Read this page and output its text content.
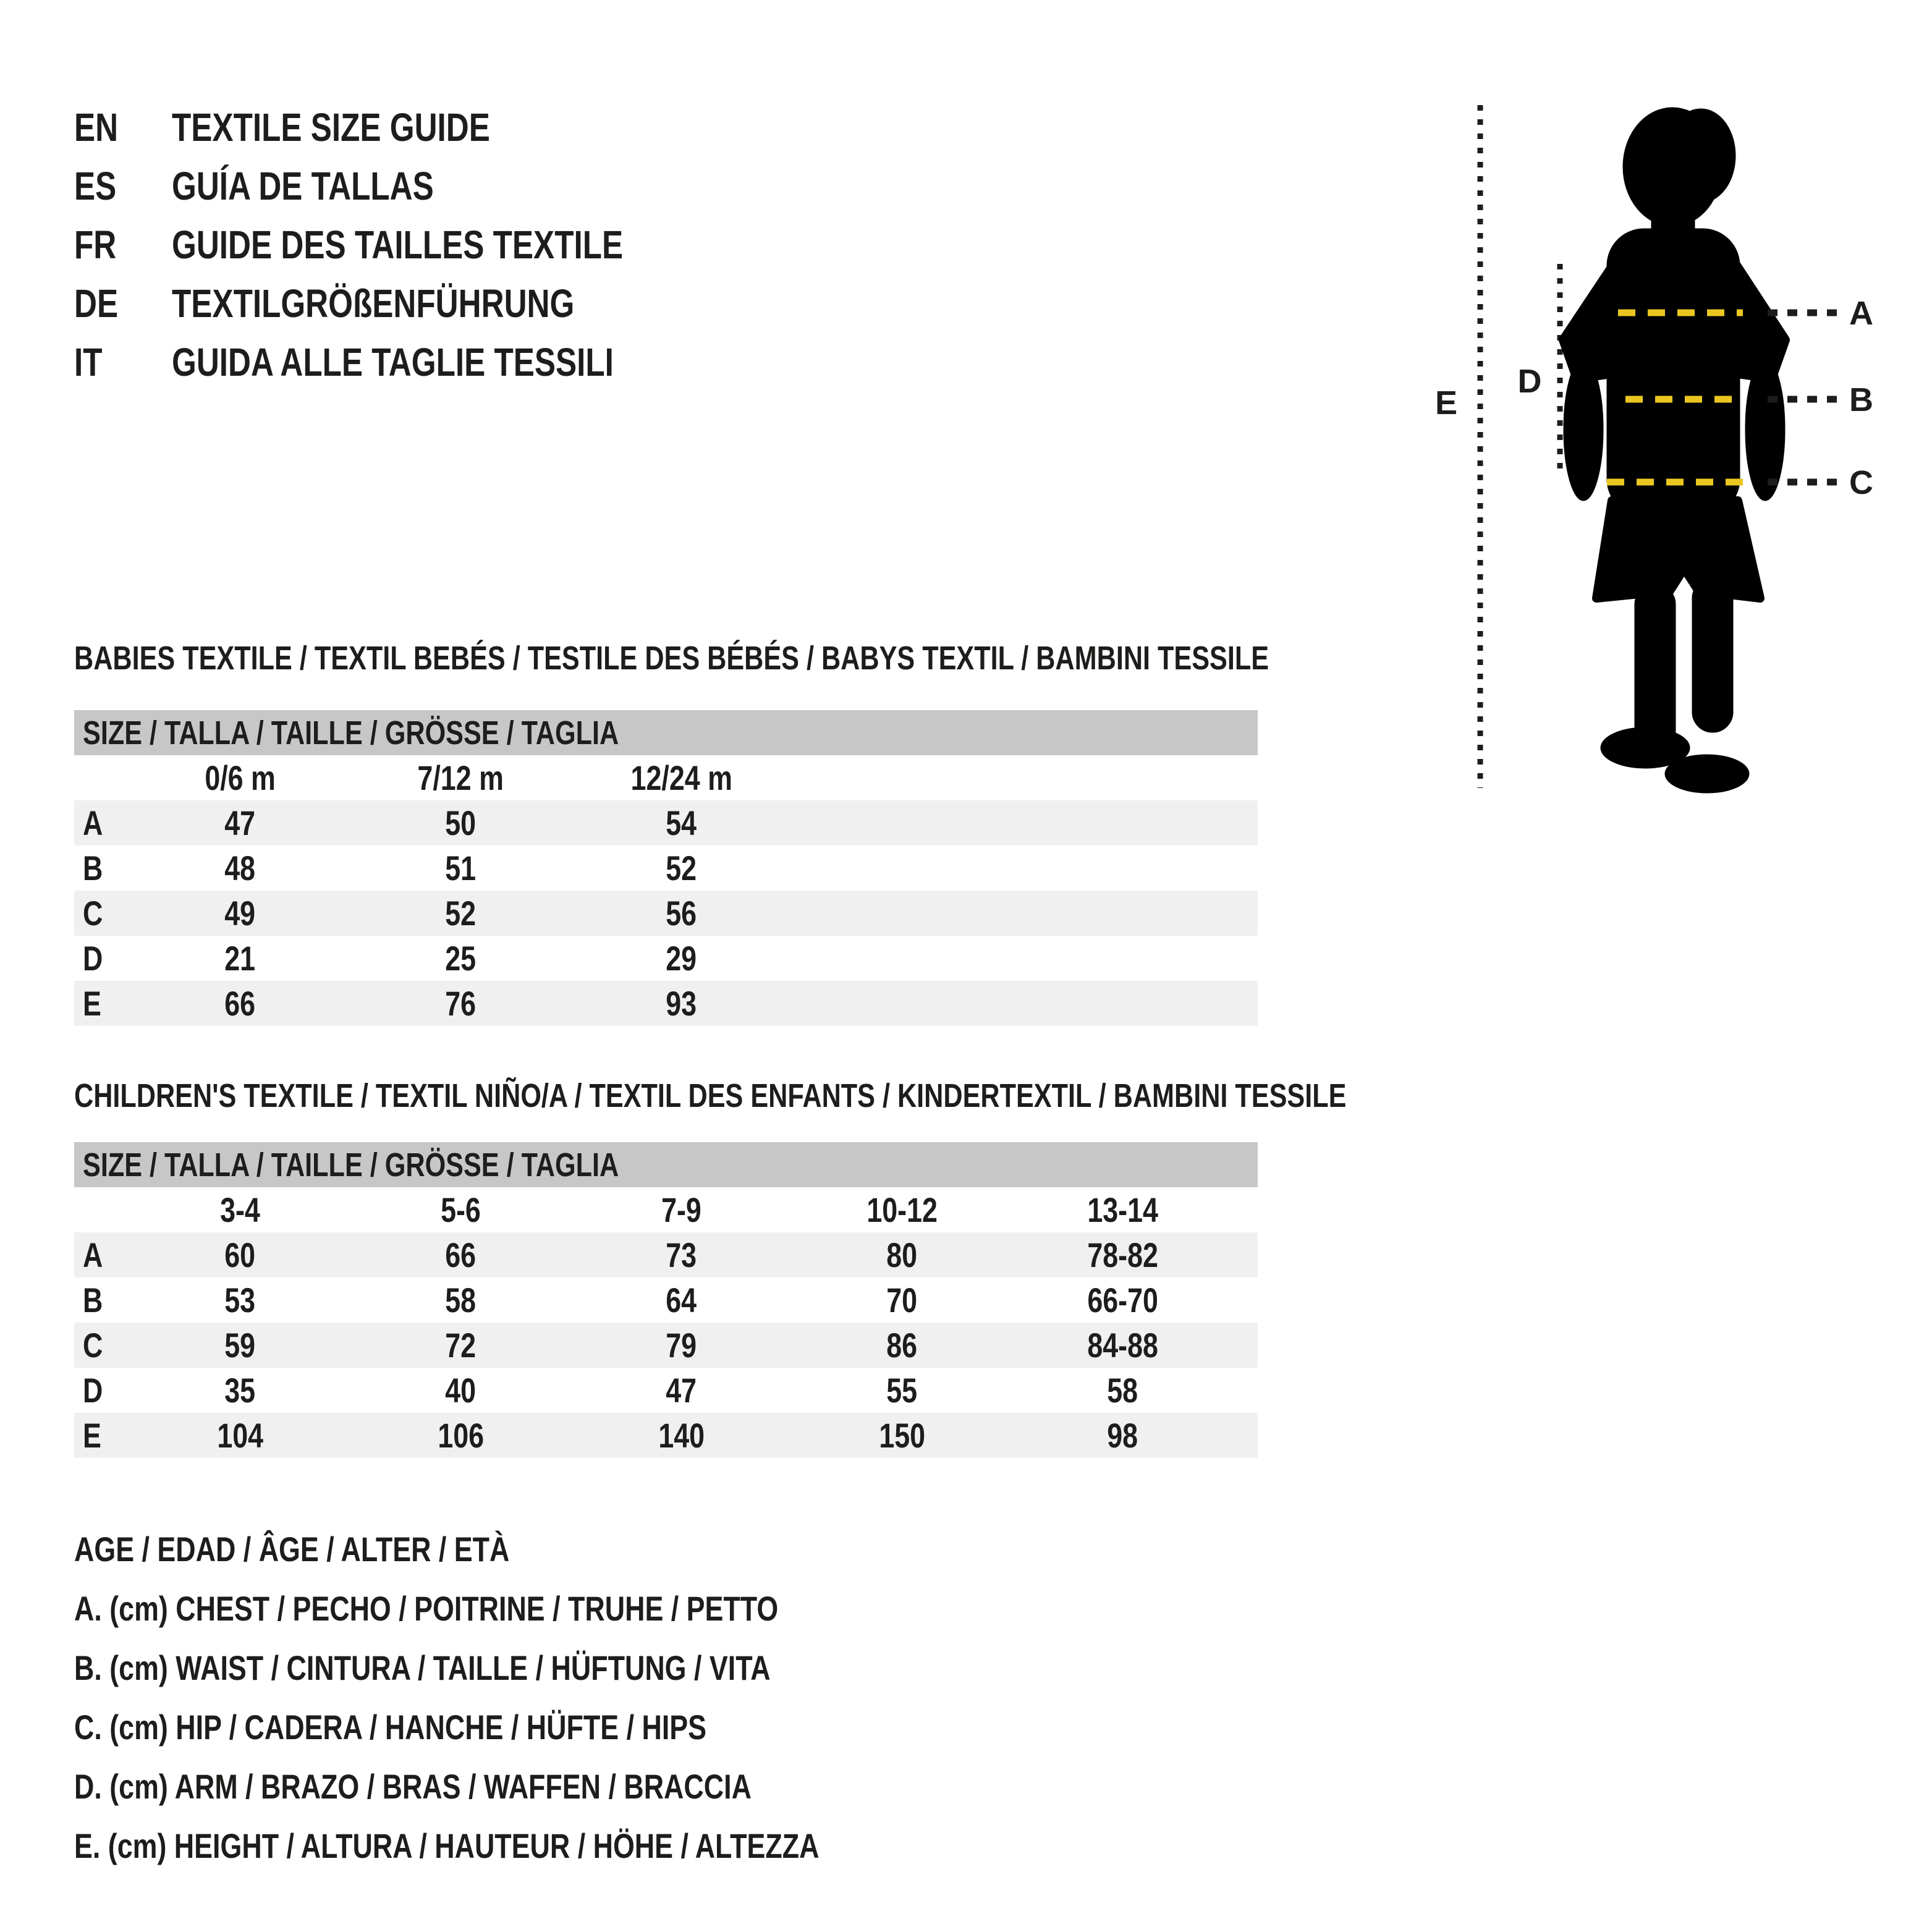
EN	TEXTILE SIZE GUIDE
ES	GUÍA DE TALLAS
FR	GUIDE DES TAILLES TEXTILE
DE	TEXTILGRÖßENFÜHRUNG
IT	GUIDA ALLE TAGLIE TESSILI
E
D
A
B
C
BABIES TEXTILE / TEXTIL BEBÉS / TESTILE DES BÉBÉS / BABYS TEXTIL / BAMBINI TESSILE
SIZE / TALLA / TAILLE / GRÖSSE / TAGLIA
0/6 m	7/12 m	12/24 m
A	47	50	54
B	48	51	52
C	49	52	56
D	21	25	29
E	66	76	93
CHILDREN'S TEXTILE / TEXTIL NIÑO/A / TEXTIL DES ENFANTS / KINDERTEXTIL / BAMBINI TESSILE
SIZE / TALLA / TAILLE / GRÖSSE / TAGLIA
3-4	5-6	7-9	10-12	13-14
A	60	66	73	80	78-82
B	53	58	64	70	66-70
C	59	72	79	86	84-88
D	35	40	47	55	58
E	104	106	140	150	98
AGE / EDAD / ÂGE / ALTER / ETÀ
A. (cm) CHEST / PECHO / POITRINE / TRUHE / PETTO
B. (cm) WAIST / CINTURA / TAILLE / HÜFTUNG / VITA
C. (cm) HIP / CADERA / HANCHE / HÜFTE / HIPS
D. (cm) ARM / BRAZO / BRAS / WAFFEN / BRACCIA
E. (cm) HEIGHT / ALTURA / HAUTEUR / HÖHE / ALTEZZA
